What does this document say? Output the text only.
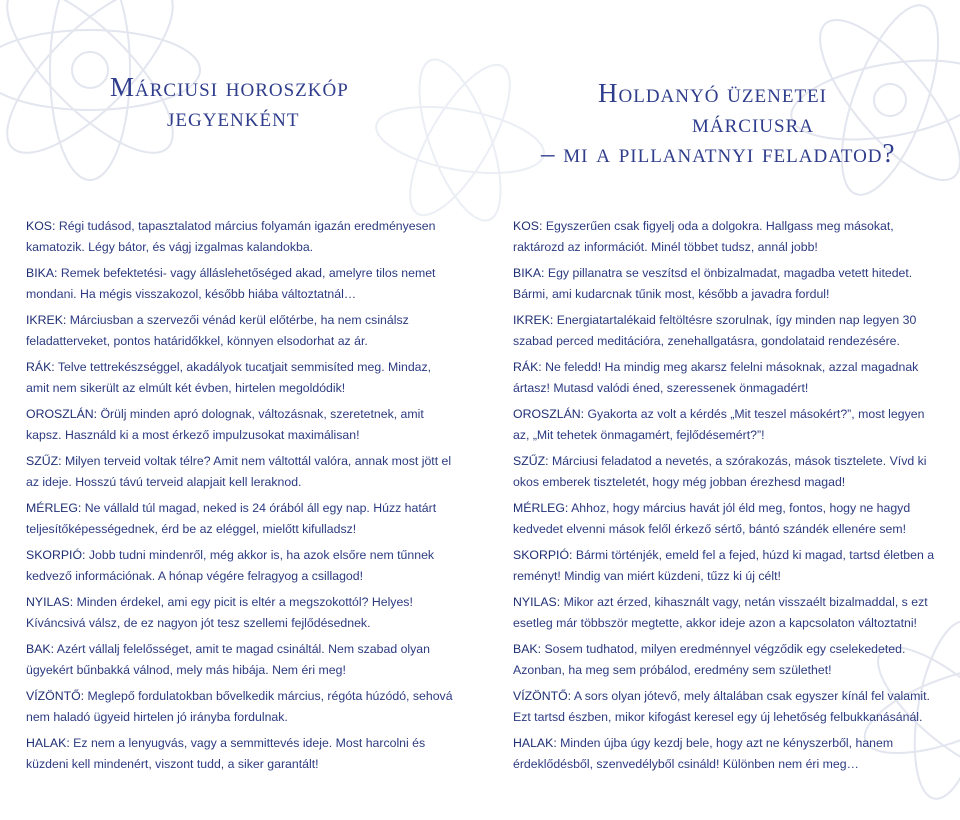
Márciusi horoszkóp
jegyenként
Holdanyó üzenetei
márciusra
– mi a pillanatnyi feladatod?
KOS: Régi tudásod, tapasztalatod március folyamán igazán eredményesen kamatozik. Légy bátor, és vágj izgalmas kalandokba.
BIKA: Remek befektetési- vagy álláslehetőséged akad, amelyre tilos nemet mondani. Ha mégis visszakozol, később hiába változtatnál…
IKREK: Márciusban a szervezői vénád kerül előtérbe, ha nem csinálsz feladatterveket, pontos határidőkkel, könnyen elsodorhat az ár.
RÁK: Telve tettrekészséggel, akadályok tucatjait semmisíted meg. Mindaz, amit nem sikerült az elmúlt két évben, hirtelen megoldódik!
OROSZLÁN: Örülj minden apró dolognak, változásnak, szeretetnek, amit kapsz. Használd ki a most érkező impulzusokat maximálisan!
SZŰZ: Milyen terveid voltak télre? Amit nem váltottál valóra, annak most jött el az ideje. Hosszú távú terveid alapjait kell leraknod.
MÉRLEG: Ne vállald túl magad, neked is 24 órából áll egy nap. Húzz határt teljesítőképességednek, érd be az eléggel, mielőtt kifulladsz!
SKORPIÓ: Jobb tudni mindenről, még akkor is, ha azok elsőre nem tűnnek kedvező információnak. A hónap végére felragyog a csillagod!
NYILAS: Minden érdekel, ami egy picit is eltér a megszokottól? Helyes! Kíváncsivá válsz, de ez nagyon jót tesz szellemi fejlődésednek.
BAK: Azért vállalj felelősséget, amit te magad csináltál. Nem szabad olyan ügyekért bűnbakká válnod, mely más hibája. Nem éri meg!
VÍZÖNTŐ: Meglepő fordulatokban bővelkedik március, régóta húzódó, sehová nem haladó ügyeid hirtelen jó irányba fordulnak.
HALAK: Ez nem a lenyugvás, vagy a semmittevés ideje. Most harcolni és küzdeni kell mindenért, viszont tudd, a siker garantált!
KOS: Egyszerűen csak figyelj oda a dolgokra. Hallgass meg másokat, raktározd az információt. Minél többet tudsz, annál jobb!
BIKA: Egy pillanatra se veszítsd el önbizalmadat, magadba vetett hitedet. Bármi, ami kudarcnak tűnik most, később a javadra fordul!
IKREK: Energiatartalékaid feltöltésre szorulnak, így minden nap legyen 30 szabad perced meditációra, zenehallgatásra, gondolataid rendezésére.
RÁK: Ne feledd! Ha mindig meg akarsz felelni másoknak, azzal magadnak ártasz! Mutasd valódi éned, szeressenek önmagadért!
OROSZLÁN: Gyakorta az volt a kérdés „Mit teszel másokért?”, most legyen az, „Mit tehetek önmagamért, fejlődésemért?”!
SZŰZ: Márciusi feladatod a nevetés, a szórakozás, mások tisztelete. Vívd ki okos emberek tiszteletét, hogy még jobban érezhesd magad!
MÉRLEG: Ahhoz, hogy március havát jól éld meg, fontos, hogy ne hagyd kedvedet elvenni mások felől érkező sértő, bántó szándék ellenére sem!
SKORPIÓ: Bármi történjék, emeld fel a fejed, húzd ki magad, tartsd életben a reményt! Mindig van miért küzdeni, tűzz ki új célt!
NYILAS: Mikor azt érzed, kihasznált vagy, netán visszaélt bizalmaddal, s ezt esetleg már többször megtette, akkor ideje azon a kapcsolaton változtatni!
BAK: Sosem tudhatod, milyen eredménnyel végződik egy cselekedeted. Azonban, ha meg sem próbálod, eredmény sem születhet!
VÍZÖNTŐ: A sors olyan jótevő, mely általában csak egyszer kínál fel valamit. Ezt tartsd észben, mikor kifogást keresel egy új lehetőség felbukkanásánál.
HALAK: Minden újba úgy kezdj bele, hogy azt ne kényszerből, hanem érdeklődésből, szenvedélyből csináld! Különben nem éri meg…
